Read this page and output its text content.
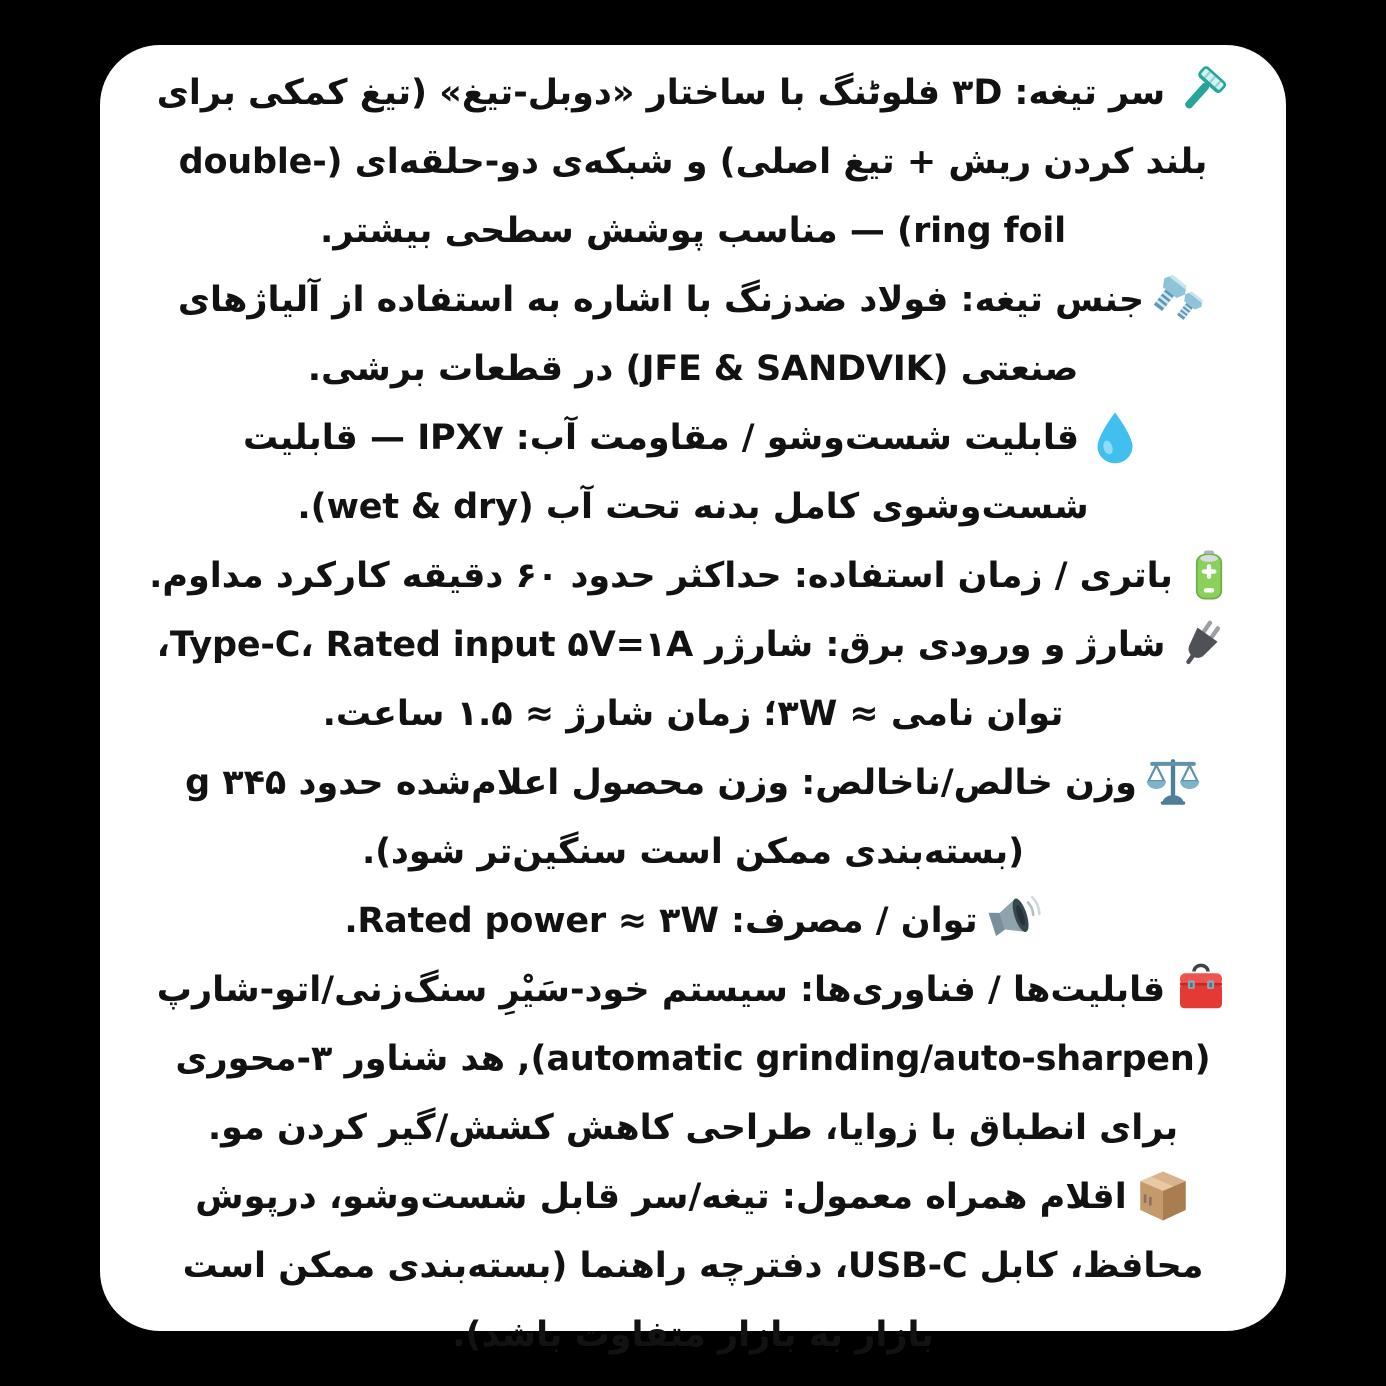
سر تیغه: ۳D فلوٹنگ با ساختار «دوبل-تیغ» (تیغ کمکی برای بلند کردن ریش + تیغ اصلی) و شبکه‌ی دو-حلقه‌ای (double-ring foil) — مناسب پوشش سطحی بیشتر.

جنس تیغه: فولاد ضدزنگ با اشاره به استفاده از آلیاژهای صنعتی (JFE & SANDVIK) در قطعات برشی.

قابلیت شست‌وشو / مقاومت آب: IPX۷ — قابلیت شست‌وشوی کامل بدنه تحت آب (wet & dry).

باتری / زمان استفاده: حداکثر حدود ۶۰ دقیقه کارکرد مداوم.

شارژ و ورودی برق: شارژر Type-C، Rated input ۵V=۱A، توان نامی ≈ ۳W؛ زمان شارژ ≈ ۱.۵ ساعت.

وزن خالص/ناخالص: وزن محصول اعلام‌شده حدود ۳۴۵ g (بسته‌بندی ممکن است سنگین‌تر شود).

توان / مصرف: Rated power ≈ ۳W.

قابلیت‌ها / فناوری‌ها: سیستم خود-سَیْرِ سنگ‌زنی/اتو-شارپ (automatic grinding/auto-sharpen), هد شناور ۳-محوری برای انطباق با زوایا، طراحی کاهش کشش/گیر کردن مو.

اقلام همراه معمول: تیغه/سر قابل شست‌وشو، درپوش محافظ، کابل USB-C، دفترچه راهنما (بسته‌بندی ممکن است بازار به بازار متفاوت باشد).
